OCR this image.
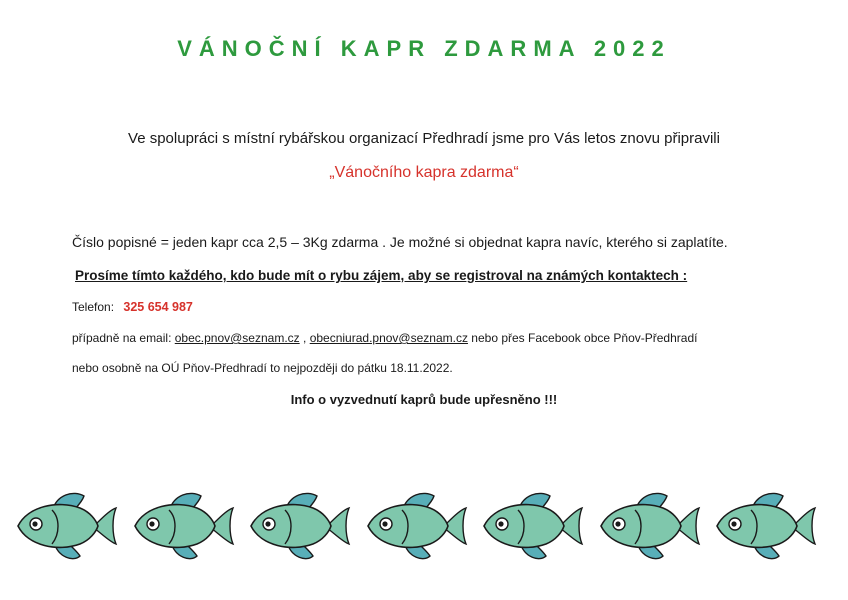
VÁNOČNÍ KAPR ZDARMA 2022
Ve spolupráci s místní rybářskou organizací Předhradí jsme pro Vás letos znovu připravili
„Vánočního kapra zdarma“
Číslo popisné = jeden kapr cca 2,5 – 3Kg zdarma . Je možné si objednat kapra navíc, kterého si zaplatíte.
Prosíme tímto každého, kdo bude mít o rybu zájem, aby se registroval na známých kontaktech :
Telefon: 325 654 987
případně na email: obec.pnov@seznam.cz , obecniurad.pnov@seznam.cz nebo přes Facebook obce Pňov-Předhradí
nebo osobně na OÚ Pňov-Předhradí to nejpozději do pátku 18.11.2022.
Info o vyzvednutí kaprů bude upřesněno !!!
